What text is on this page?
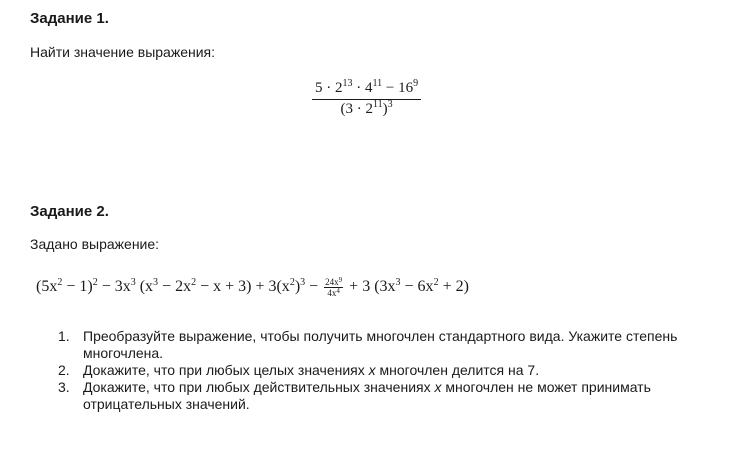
Задание 1.
Найти значение выражения:
$\frac{5 \cdot 2^{13} \cdot 4^{11} - 16^9}{(3 \cdot 2^{11})^3}$
Задание 2.
Задано выражение:
$(5x^2 - 1)^2 - 3x^3$ $(x^3 - 2x^2 - x + 3) + 3(x^2)^3 - \frac{24x^9}{4x^4} + 3$ $(3x^3 - 6x^2 + 2)$
1. Преобразуйте выражение, чтобы получить многочлен стандартного вида. Укажите степень многочлена.
2. Докажите, что при любых целых значениях x многочлен делится на 7.
3. Докажите, что при любых действительных значениях x многочлен не может принимать отрицательных значений.
